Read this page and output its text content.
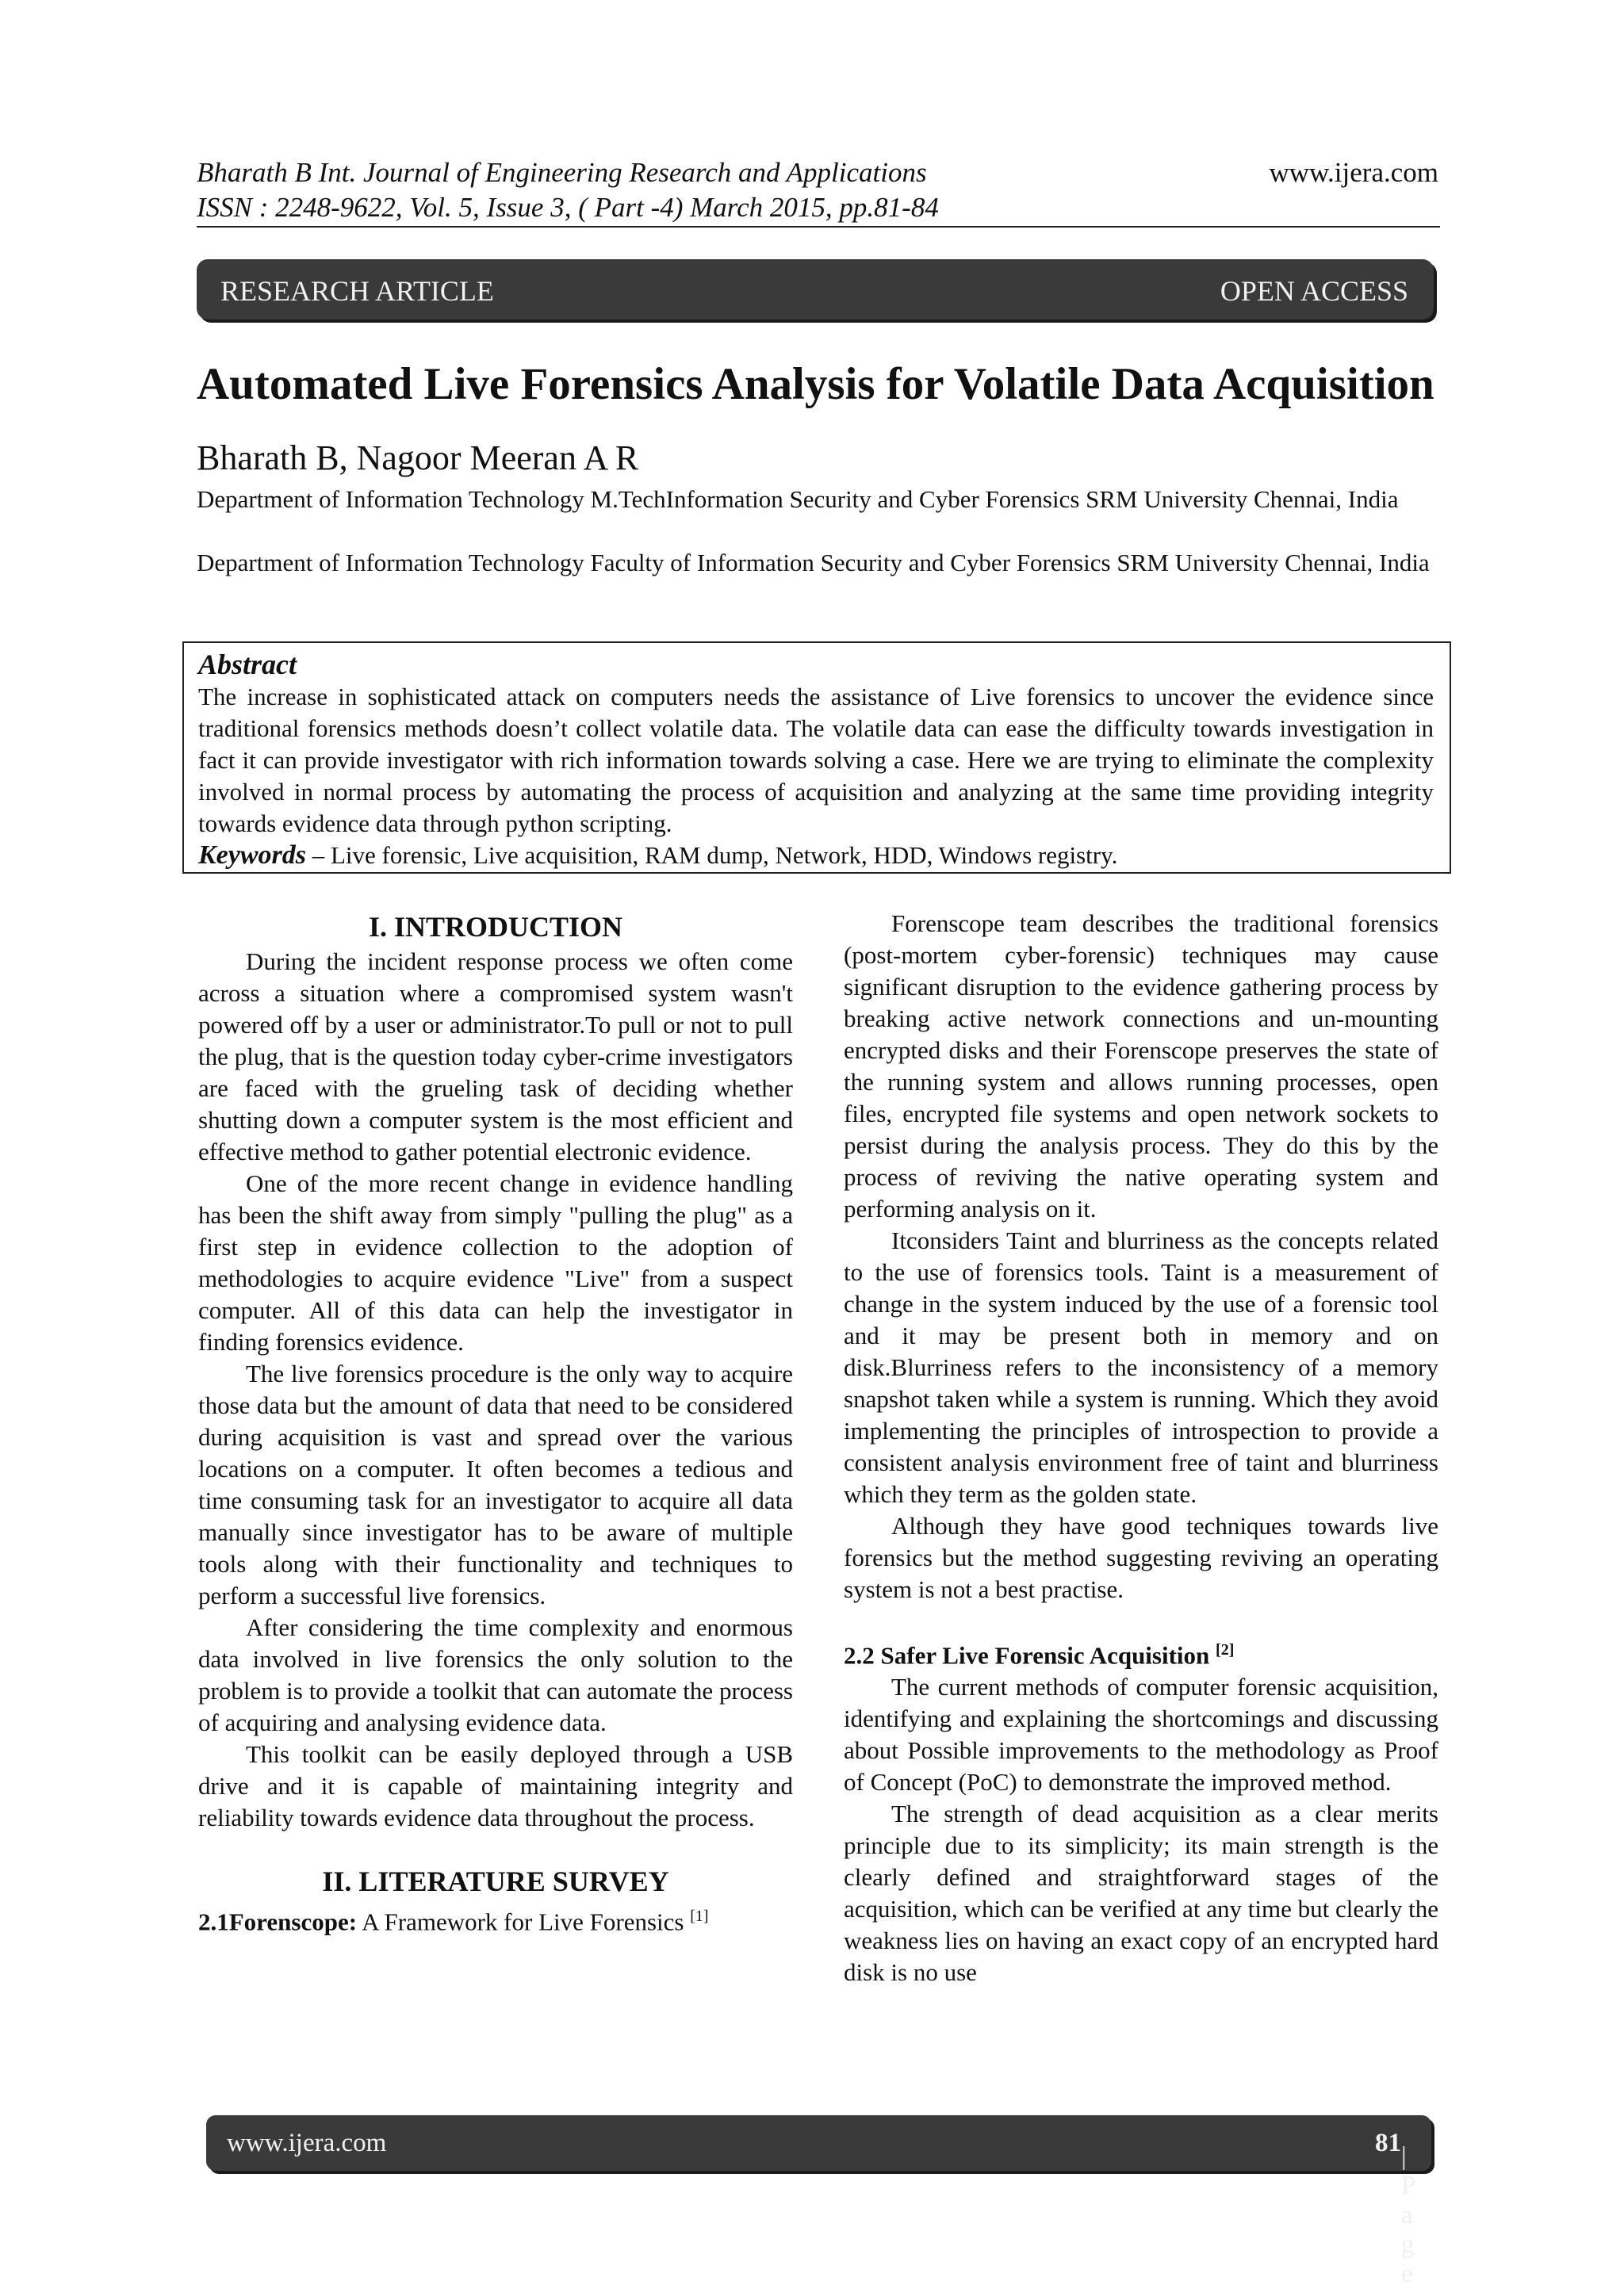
Bharath B Int. Journal of Engineering Research and Applications
ISSN : 2248-9622, Vol. 5, Issue 3, ( Part -4) March 2015, pp.81-84
www.ijera.com
RESEARCH ARTICLE	OPEN ACCESS
Automated Live Forensics Analysis for Volatile Data Acquisition
Bharath B, Nagoor Meeran A R
Department of Information Technology M.TechInformation Security and Cyber Forensics SRM University Chennai, India
Department of Information Technology Faculty of Information Security and Cyber Forensics SRM University Chennai, India
Abstract
The increase in sophisticated attack on computers needs the assistance of Live forensics to uncover the evidence since traditional forensics methods doesn’t collect volatile data. The volatile data can ease the difficulty towards investigation in fact it can provide investigator with rich information towards solving a case. Here we are trying to eliminate the complexity involved in normal process by automating the process of acquisition and analyzing at the same time providing integrity towards evidence data through python scripting.
Keywords – Live forensic, Live acquisition, RAM dump, Network, HDD, Windows registry.
I. INTRODUCTION

During the incident response process we often come across a situation where a compromised system wasn't powered off by a user or administrator.To pull or not to pull the plug, that is the question today cyber-crime investigators are faced with the grueling task of deciding whether shutting down a computer system is the most efficient and effective method to gather potential electronic evidence.

One of the more recent change in evidence handling has been the shift away from simply "pulling the plug" as a first step in evidence collection to the adoption of methodologies to acquire evidence "Live" from a suspect computer. All of this data can help the investigator in finding forensics evidence.

The live forensics procedure is the only way to acquire those data but the amount of data that need to be considered during acquisition is vast and spread over the various locations on a computer. It often becomes a tedious and time consuming task for an investigator to acquire all data manually since investigator has to be aware of multiple tools along with their functionality and techniques to perform a successful live forensics.

After considering the time complexity and enormous data involved in live forensics the only solution to the problem is to provide a toolkit that can automate the process of acquiring and analysing evidence data.

This toolkit can be easily deployed through a USB drive and it is capable of maintaining integrity and reliability towards evidence data throughout the process.

II. LITERATURE SURVEY
2.1Forenscope: A Framework for Live Forensics [1]

Forenscope team describes the traditional forensics (post-mortem cyber-forensic) techniques may cause significant disruption to the evidence gathering process by breaking active network connections and un-mounting encrypted disks and their Forenscope preserves the state of the running system and allows running processes, open files, encrypted file systems and open network sockets to persist during the analysis process. They do this by the process of reviving the native operating system and performing analysis on it.

Itconsiders Taint and blurriness as the concepts related to the use of forensics tools. Taint is a measurement of change in the system induced by the use of a forensic tool and it may be present both in memory and on disk.Blurriness refers to the inconsistency of a memory snapshot taken while a system is running. Which they avoid implementing the principles of introspection to provide a consistent analysis environment free of taint and blurriness which they term as the golden state.

Although they have good techniques towards live forensics but the method suggesting reviving an operating system is not a best practise.

2.2 Safer Live Forensic Acquisition [2]

The current methods of computer forensic acquisition, identifying and explaining the shortcomings and discussing about Possible improvements to the methodology as Proof of Concept (PoC) to demonstrate the improved method.

The strength of dead acquisition as a clear merits principle due to its simplicity; its main strength is the clearly defined and straightforward stages of the acquisition, which can be verified at any time but clearly the weakness lies on having an exact copy of an encrypted hard disk is no use

www.ijera.com	81 | P a g e
